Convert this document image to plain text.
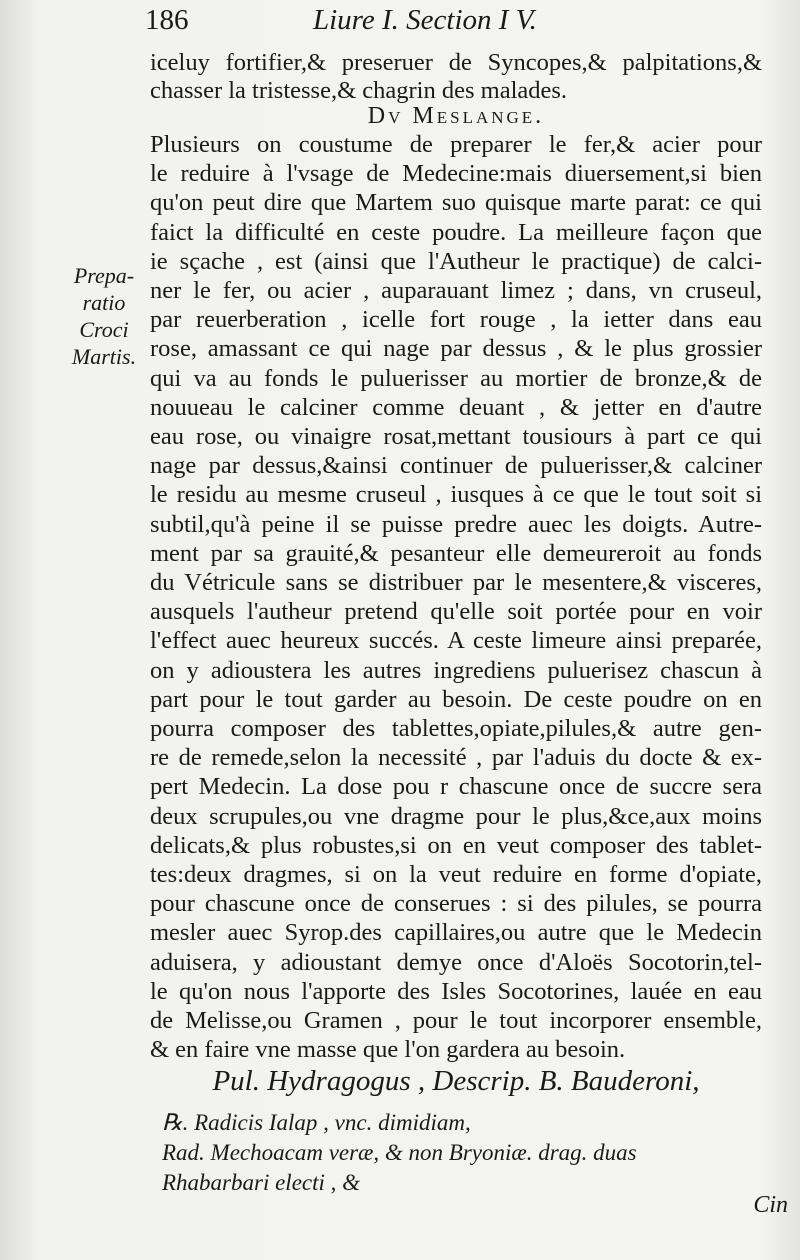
186	Liure I. Section I V.
iceluy fortifier,& preseruer de Syncopes,& palpitations,&
chasser la tristesse,& chagrin des malades.
Dv Meslange.
Prepa-
ratio
Croci
Martis.
Plusieurs on coustume de preparer le fer,& acier pour
le reduire à l'vsage de Medecine:mais diuersement,si bien
qu'on peut dire que Martem suo quisque marte parat: ce qui
faict la difficulté en ceste poudre. La meilleure façon que
ie sçache , est (ainsi que l'Autheur le practique) de calci-
ner le fer, ou acier , auparauant limez ; dans, vn cruseul,
par reuerberation , icelle fort rouge , la ietter dans eau
rose, amassant ce qui nage par dessus , & le plus grossier
qui va au fonds le puluerisser au mortier de bronze,& de
nouueau le calciner comme deuant , & jetter en d'autre
eau rose, ou vinaigre rosat,mettant tousiours à part ce qui
nage par dessus,&ainsi continuer de puluerisser,& calciner
le residu au mesme cruseul , iusques à ce que le tout soit si
subtil,qu'à peine il se puisse predre auec les doigts. Autre-
ment par sa grauité,& pesanteur elle demeureroit au fonds
du Vétricule sans se distribuer par le mesentere,& visceres,
ausquels l'autheur pretend qu'elle soit portée pour en voir
l'effect auec heureux succés. A ceste limeure ainsi preparée,
on y adioustera les autres ingrediens puluerisez chascun à
part pour le tout garder au besoin. De ceste poudre on en
pourra composer des tablettes,opiate,pilules,& autre gen-
re de remede,selon la necessité , par l'aduis du docte & ex-
pert Medecin. La dose pou r chascune once de succre sera
deux scrupules,ou vne dragme pour le plus,&ce,aux moins
delicats,& plus robustes,si on en veut composer des tablet-
tes:deux dragmes, si on la veut reduire en forme d'opiate,
pour chascune once de conserues : si des pilules, se pourra
mesler auec Syrop.des capillaires,ou autre que le Medecin
aduisera, y adioustant demye once d'Aloës Socotorin,tel-
le qu'on nous l'apporte des Isles Socotorines, lauée en eau
de Melisse,ou Gramen , pour le tout incorporer ensemble,
& en faire vne masse que l'on gardera au besoin.
Pul. Hydragogus , Descrip. B. Bauderoni,
℞. Radicis Ialap , vnc. dimidiam,
Rad. Mechoacam veræ, & non Bryoniæ. drag. duas
Rhabarbari electi , &
Cin
